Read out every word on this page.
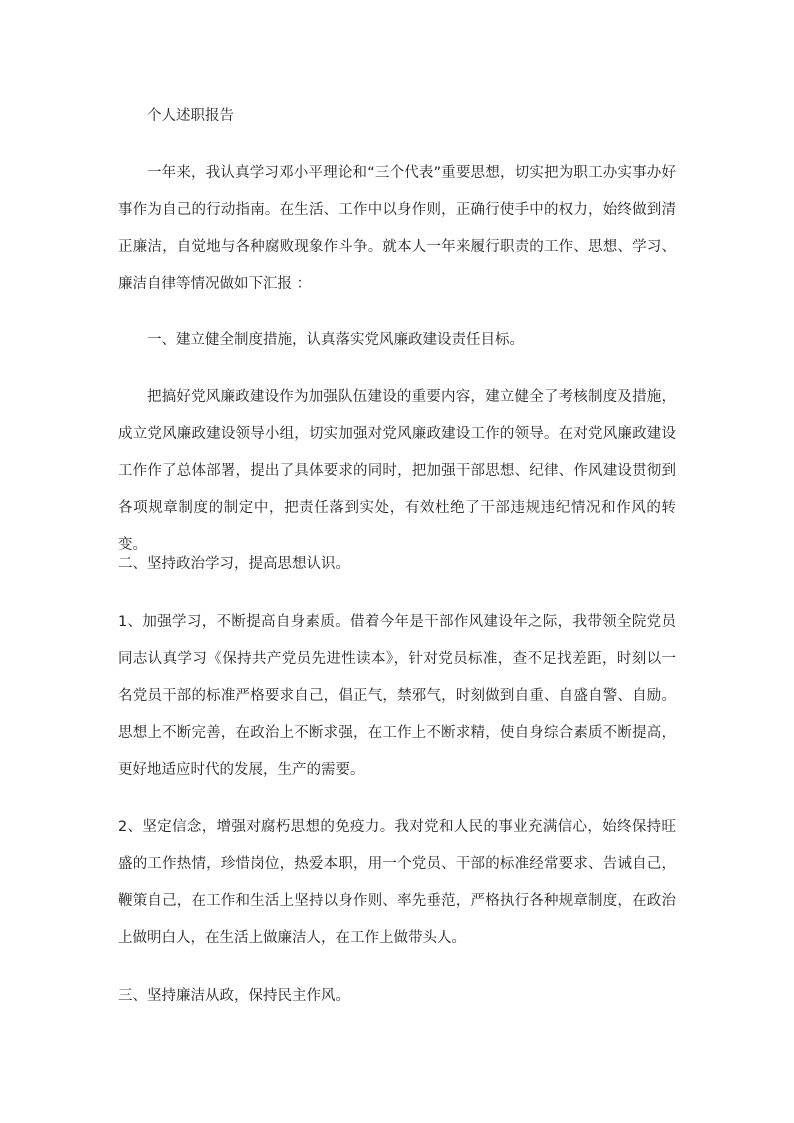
个人述职报告

一年来，我认真学习邓小平理论和“三个代表”重要思想，切实把为职工办实事办好事作为自己的行动指南。在生活、工作中以身作则，正确行使手中的权力，始终做到清正廉洁，自觉地与各种腐败现象作斗争。就本人一年来履行职责的工作、思想、学习、廉洁自律等情况做如下汇报 ：

一、建立健全制度措施，认真落实党风廉政建设责任目标。

把搞好党风廉政建设作为加强队伍建设的重要内容，建立健全了考核制度及措施，成立党风廉政建设领导小组，切实加强对党风廉政建设工作的领导。在对党风廉政建设工作作了总体部署，提出了具体要求的同时，把加强干部思想、纪律、作风建设贯彻到各项规章制度的制定中，把责任落到实处，有效杜绝了干部违规违纪情况和作风的转变。

二、坚持政治学习，提高思想认识。

1、加强学习，不断提高自身素质。借着今年是干部作风建设年之际，我带领全院党员同志认真学习《保持共产党员先进性读本》，针对党员标准，查不足找差距，时刻以一名党员干部的标准严格要求自己，倡正气，禁邪气，时刻做到自重、自盛自警、自励。思想上不断完善，在政治上不断求强，在工作上不断求精，使自身综合素质不断提高，更好地适应时代的发展，生产的需要。

2、坚定信念，增强对腐朽思想的免疫力。我对党和人民的事业充满信心，始终保持旺盛的工作热情，珍惜岗位，热爱本职，用一个党员、干部的标准经常要求、告诫自己，鞭策自己，在工作和生活上坚持以身作则、率先垂范，严格执行各种规章制度，在政治上做明白人，在生活上做廉洁人，在工作上做带头人。

三、坚持廉洁从政，保持民主作风。
